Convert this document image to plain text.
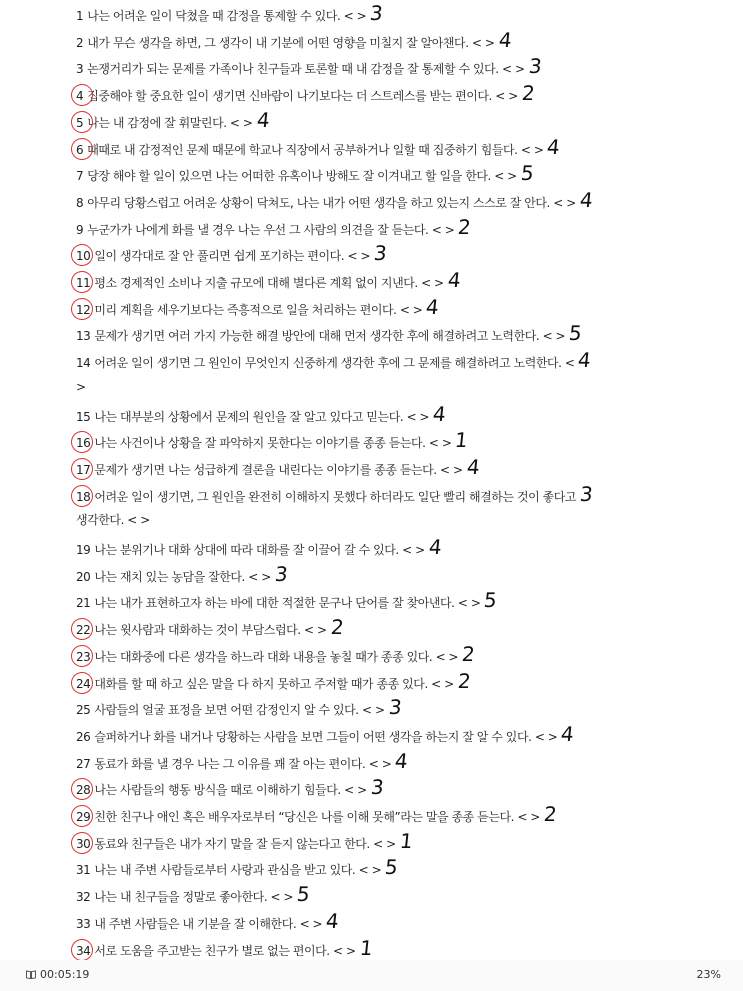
1 나는 어려운 일이 닥쳤을 때 감정을 통제할 수 있다. < > 3
2 내가 무슨 생각을 하면, 그 생각이 내 기분에 어떤 영향을 미칠지 잘 알아챈다. < > 4
3 논쟁거리가 되는 문제를 가족이나 친구들과 토론할 때 내 감정을 잘 통제할 수 있다. < > 3
4 집중해야 할 중요한 일이 생기면 신바람이 나기보다는 더 스트레스를 받는 편이다. < > 2
5 나는 내 감정에 잘 휘말린다. < > 4
6 때때로 내 감정적인 문제 때문에 학교나 직장에서 공부하거나 일할 때 집중하기 힘들다. < > 4
7 당장 해야 할 일이 있으면 나는 어떠한 유혹이나 방해도 잘 이겨내고 할 일을 한다. < > 5
8 아무리 당황스럽고 어려운 상황이 닥쳐도, 나는 내가 어떤 생각을 하고 있는지 스스로 잘 안다. < > 4
9 누군가가 나에게 화를 낼 경우 나는 우선 그 사람의 의견을 잘 듣는다. < > 2
10 일이 생각대로 잘 안 풀리면 쉽게 포기하는 편이다. < > 3
11 평소 경제적인 소비나 지출 규모에 대해 별다른 계획 없이 지낸다. < > 4
12 미리 계획을 세우기보다는 즉흥적으로 일을 처리하는 편이다. < > 4
13 문제가 생기면 여러 가지 가능한 해결 방안에 대해 먼저 생각한 후에 해결하려고 노력한다. < > 5
14 어려운 일이 생기면 그 원인이 무엇인지 신중하게 생각한 후에 그 문제를 해결하려고 노력한다. < 4
>
15 나는 대부분의 상황에서 문제의 원인을 잘 알고 있다고 믿는다. < > 4
16 나는 사건이나 상황을 잘 파악하지 못한다는 이야기를 종종 듣는다. < > 1
17 문제가 생기면 나는 성급하게 결론을 내린다는 이야기를 종종 듣는다. < > 4
18 어려운 일이 생기면, 그 원인을 완전히 이해하지 못했다 하더라도 일단 빨리 해결하는 것이 좋다고 3
생각한다. < >
19 나는 분위기나 대화 상대에 따라 대화를 잘 이끌어 갈 수 있다. < > 4
20 나는 재치 있는 농담을 잘한다. < > 3
21 나는 내가 표현하고자 하는 바에 대한 적절한 문구나 단어를 잘 찾아낸다. < > 5
22 나는 윗사람과 대화하는 것이 부담스럽다. < > 2
23 나는 대화중에 다른 생각을 하느라 대화 내용을 놓칠 때가 종종 있다. < > 2
24 대화를 할 때 하고 싶은 말을 다 하지 못하고 주저할 때가 종종 있다. < > 2
25 사람들의 얼굴 표정을 보면 어떤 감정인지 알 수 있다. < > 3
26 슬퍼하거나 화를 내거나 당황하는 사람을 보면 그들이 어떤 생각을 하는지 잘 알 수 있다. < > 4
27 동료가 화를 낼 경우 나는 그 이유를 꽤 잘 아는 편이다. < > 4
28 나는 사람들의 행동 방식을 때로 이해하기 힘들다. < > 3
29 친한 친구나 애인 혹은 배우자로부터 “당신은 나를 이해 못해”라는 말을 종종 듣는다. < > 2
30 동료와 친구들은 내가 자기 말을 잘 듣지 않는다고 한다. < > 1
31 나는 내 주변 사람들로부터 사랑과 관심을 받고 있다. < > 5
32 나는 내 친구들을 정말로 좋아한다. < > 5
33 내 주변 사람들은 내 기분을 잘 이해한다. < > 4
34 서로 도움을 주고받는 친구가 별로 없는 편이다. < > 1
00:05:19	23%
